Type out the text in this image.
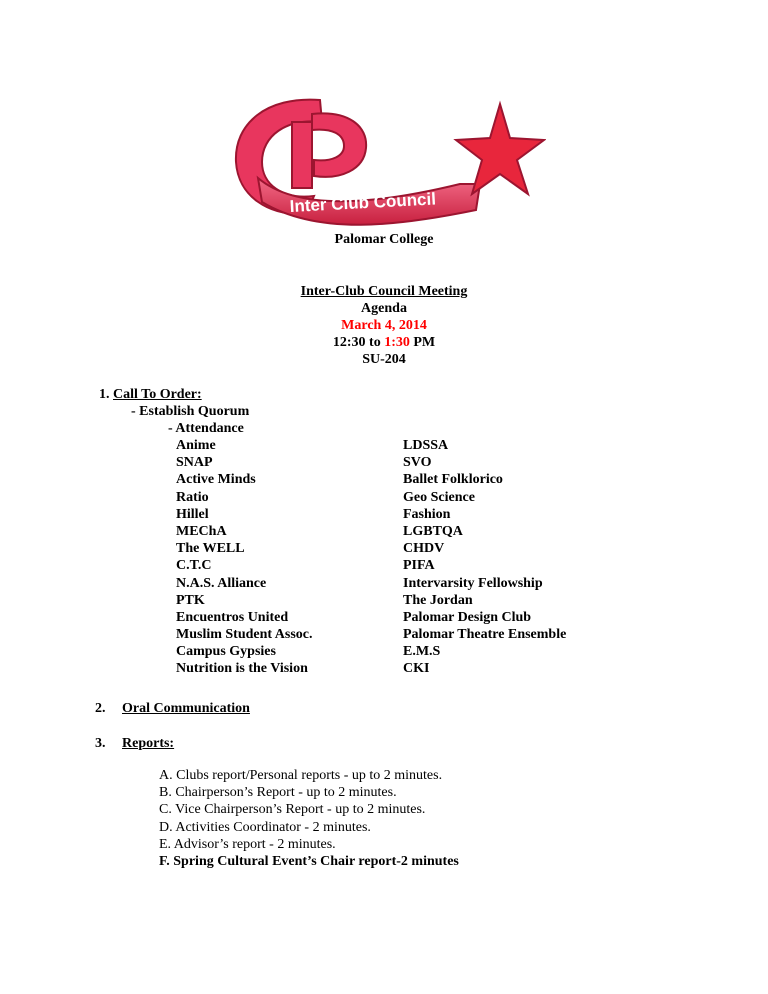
Inter Club Council
Palomar College
Inter-Club Council Meeting
Agenda
March 4, 2014
12:30 to 1:30 PM
SU-204
1. Call To Order:
- Establish Quorum
- Attendance
Anime
SNAP
Active Minds
Ratio
Hillel
MEChA
The WELL
C.T.C
N.A.S. Alliance
PTK
Encuentros United
Muslim Student Assoc.
Campus Gypsies
Nutrition is the Vision
LDSSA
SVO
Ballet Folklorico
Geo Science
Fashion
LGBTQA
CHDV
PIFA
Intervarsity Fellowship
The Jordan
Palomar Design Club
Palomar Theatre Ensemble
E.M.S
CKI
2. Oral Communication
3. Reports:
A. Clubs report/Personal reports - up to 2 minutes.
B. Chairperson’s Report - up to 2 minutes.
C. Vice Chairperson’s Report - up to 2 minutes.
D. Activities Coordinator - 2 minutes.
E. Advisor’s report - 2 minutes.
F. Spring Cultural Event’s Chair report-2 minutes
